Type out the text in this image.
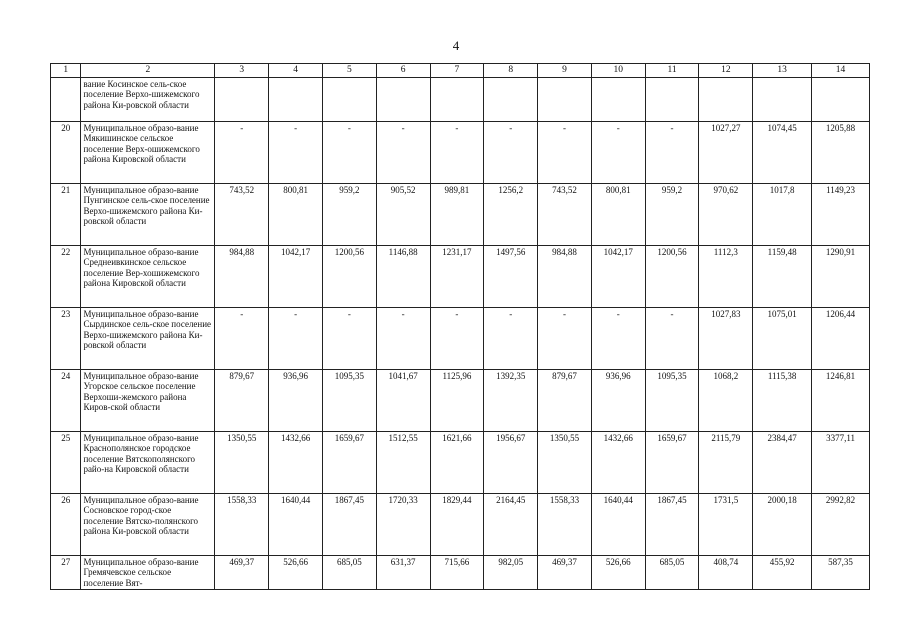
4
1	2	3	4	5	6	7	8	9	10	11	12	13	14
	вание Косинское сель-ское поселение Верхо-шижемского района Ки-ровской области												
20	Муниципальное образо-вание Мякишинское сельское поселение Верх-ошижемского района Кировской области	-	-	-	-	-	-	-	-	-	1027,27	1074,45	1205,88
21	Муниципальное образо-вание Пунгинское сель-ское поселение Верхо-шижемского района Ки-ровской области	743,52	800,81	959,2	905,52	989,81	1256,2	743,52	800,81	959,2	970,62	1017,8	1149,23
22	Муниципальное образо-вание Среднеивкинское сельское поселение Вер-хошижемского района Кировской области	984,88	1042,17	1200,56	1146,88	1231,17	1497,56	984,88	1042,17	1200,56	1112,3	1159,48	1290,91
23	Муниципальное образо-вание Сырдинское сель-ское поселение Верхо-шижемского района Ки-ровской области	-	-	-	-	-	-	-	-	-	1027,83	1075,01	1206,44
24	Муниципальное образо-вание Угорское сельское поселение Верхоши-жемского района Киров-ской области	879,67	936,96	1095,35	1041,67	1125,96	1392,35	879,67	936,96	1095,35	1068,2	1115,38	1246,81
25	Муниципальное образо-вание Краснополянское городское поселение Вятскополянского райо-на Кировской области	1350,55	1432,66	1659,67	1512,55	1621,66	1956,67	1350,55	1432,66	1659,67	2115,79	2384,47	3377,11
26	Муниципальное образо-вание Сосновское город-ское поселение Вятско-полянского района Ки-ровской области	1558,33	1640,44	1867,45	1720,33	1829,44	2164,45	1558,33	1640,44	1867,45	1731,5	2000,18	2992,82
27	Муниципальное образо-вание Гремячевское сельское поселение Вят-	469,37	526,66	685,05	631,37	715,66	982,05	469,37	526,66	685,05	408,74	455,92	587,35
